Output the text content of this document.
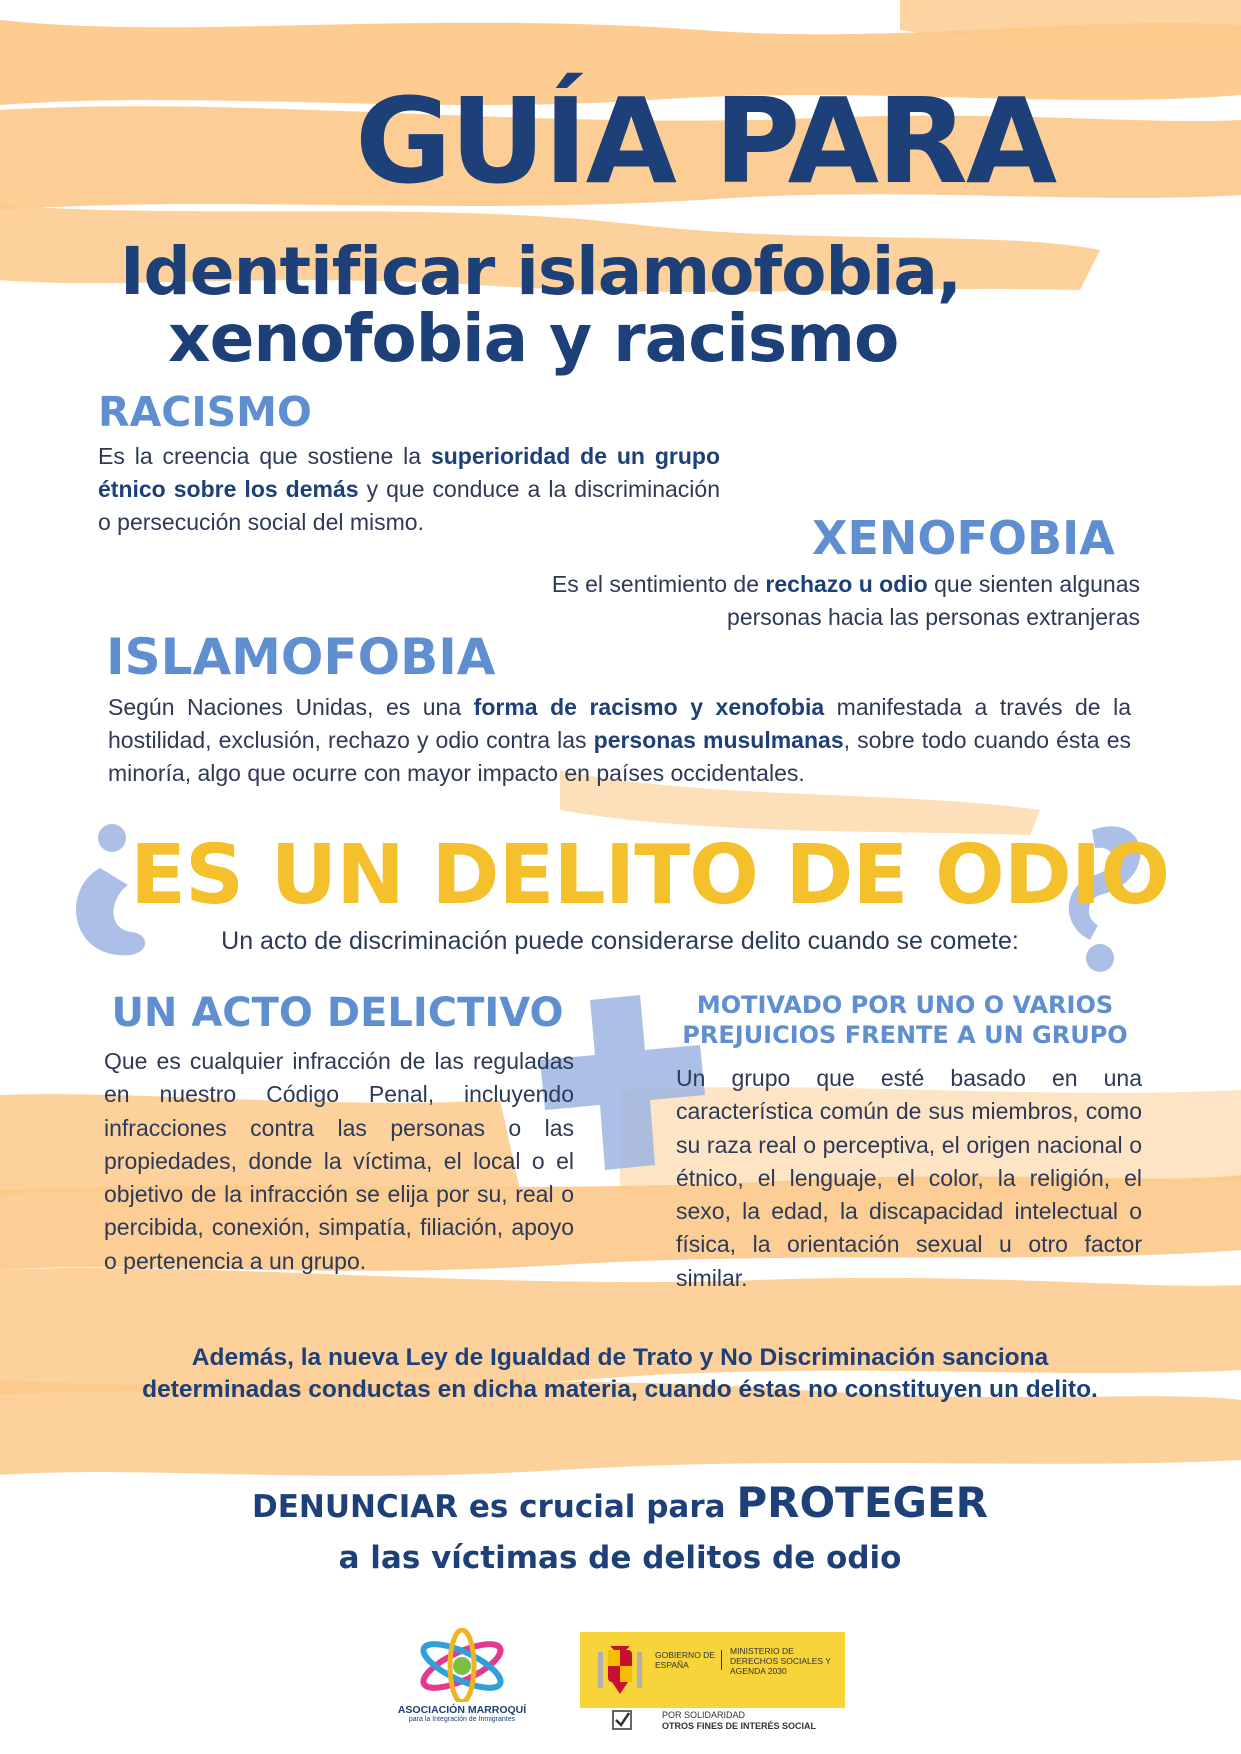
GUÍA PARA
Identificar islamofobia,
xenofobia y racismo
RACISMO
Es la creencia que sostiene la superioridad de un grupo étnico sobre los demás y que conduce a la discriminación o persecución social del mismo.	XENOFOBIA
Es el sentimiento de rechazo u odio que sienten algunas personas hacia las personas extranjeras
ISLAMOFOBIA
Según Naciones Unidas, es una forma de racismo y xenofobia manifestada a través de la hostilidad, exclusión, rechazo y odio contra las personas musulmanas, sobre todo cuando ésta es minoría, algo que ocurre con mayor impacto en países occidentales.
ES UN DELITO DE ODIO
Un acto de discriminación puede considerarse delito cuando se comete:
UN ACTO DELICTIVO
Que es cualquier infracción de las reguladas en nuestro Código Penal, incluyendo infracciones contra las personas o las propiedades, donde la víctima, el local o el objetivo de la infracción se elija por su, real o percibida, conexión, simpatía, filiación, apoyo o pertenencia a un grupo.
MOTIVADO POR UNO O VARIOS
PREJUICIOS FRENTE A UN GRUPO
Un grupo que esté basado en una característica común de sus miembros, como su raza real o perceptiva, el origen nacional o étnico, el lenguaje, el color, la religión, el sexo, la edad, la discapacidad intelectual o física, la orientación sexual u otro factor similar.
Además, la nueva Ley de Igualdad de Trato y No Discriminación sanciona
determinadas conductas en dicha materia, cuando éstas no constituyen un delito.
DENUNCIAR es crucial para PROTEGER
a las víctimas de delitos de odio
ASOCIACIÓN MARROQUÍ
para la Integración de Inmigrantes
GOBIERNO DE ESPAÑA
MINISTERIO DE DERECHOS SOCIALES Y AGENDA 2030
POR SOLIDARIDAD
OTROS FINES DE INTERÉS SOCIAL
